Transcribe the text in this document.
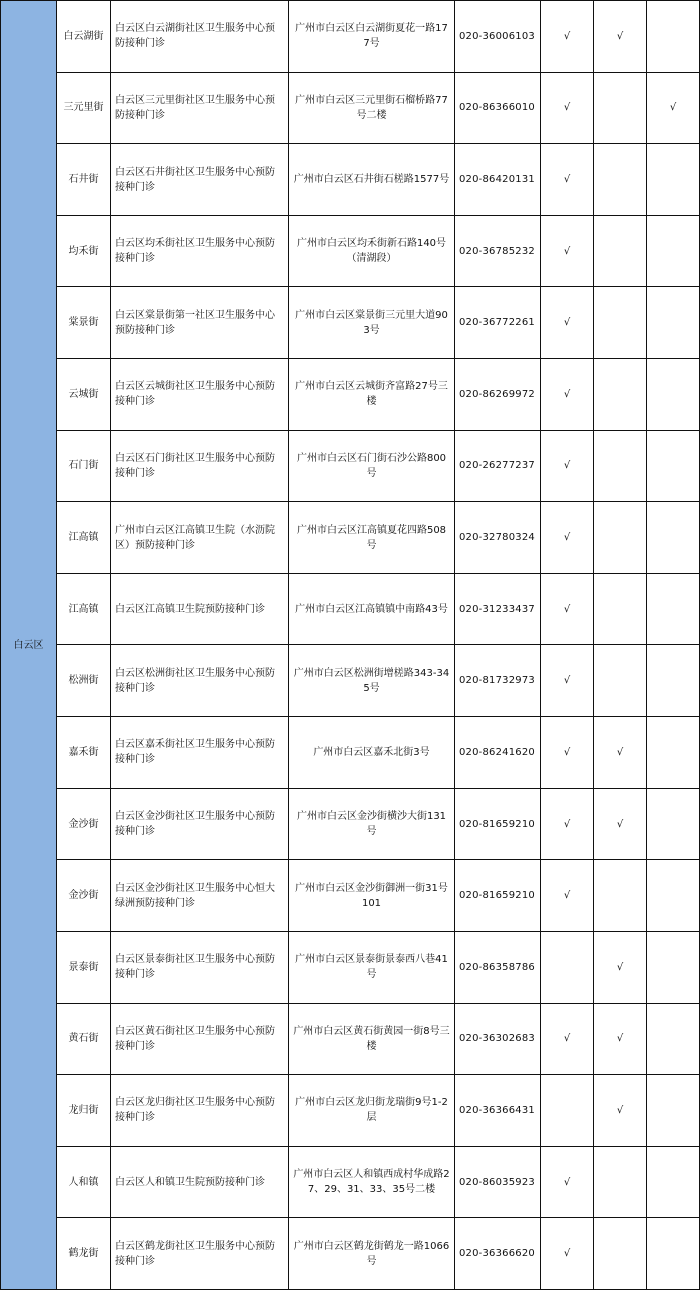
白云区	白云湖街	白云区白云湖街社区卫生服务中心预防接种门诊	广州市白云区白云湖街夏花一路177号	020-36006103	√	√	
	三元里街	白云区三元里街社区卫生服务中心预防接种门诊	广州市白云区三元里街石榴桥路77号二楼	020-86366010	√		√
	石井街	白云区石井街社区卫生服务中心预防接种门诊	广州市白云区石井街石槎路1577号	020-86420131	√		
	均禾街	白云区均禾街社区卫生服务中心预防接种门诊	广州市白云区均禾街新石路140号（清湖段）	020-36785232	√		
	棠景街	白云区棠景街第一社区卫生服务中心预防接种门诊	广州市白云区棠景街三元里大道903号	020-36772261	√		
	云城街	白云区云城街社区卫生服务中心预防接种门诊	广州市白云区云城街齐富路27号三楼	020-86269972	√		
	石门街	白云区石门街社区卫生服务中心预防接种门诊	广州市白云区石门街石沙公路800号	020-26277237	√		
	江高镇	广州市白云区江高镇卫生院（水沥院区）预防接种门诊	广州市白云区江高镇夏花四路508号	020-32780324	√		
	江高镇	白云区江高镇卫生院预防接种门诊	广州市白云区江高镇镇中南路43号	020-31233437	√		
	松洲街	白云区松洲街社区卫生服务中心预防接种门诊	广州市白云区松洲街增槎路343-345号	020-81732973	√		
	嘉禾街	白云区嘉禾街社区卫生服务中心预防接种门诊	广州市白云区嘉禾北街3号	020-86241620	√	√	
	金沙街	白云区金沙街社区卫生服务中心预防接种门诊	广州市白云区金沙街横沙大街131号	020-81659210	√	√	
	金沙街	白云区金沙街社区卫生服务中心恒大绿洲预防接种门诊	广州市白云区金沙街御洲一街31号101	020-81659210	√		
	景泰街	白云区景泰街社区卫生服务中心预防接种门诊	广州市白云区景泰街景泰西八巷41号	020-86358786		√	
	黄石街	白云区黄石街社区卫生服务中心预防接种门诊	广州市白云区黄石街黄园一街8号三楼	020-36302683	√	√	
	龙归街	白云区龙归街社区卫生服务中心预防接种门诊	广州市白云区龙归街龙瑞街9号1-2层	020-36366431		√	
	人和镇	白云区人和镇卫生院预防接种门诊	广州市白云区人和镇西成村华成路27、29、31、33、35号二楼	020-86035923	√		
	鹤龙街	白云区鹤龙街社区卫生服务中心预防接种门诊	广州市白云区鹤龙街鹤龙一路1066号	020-36366620	√		
